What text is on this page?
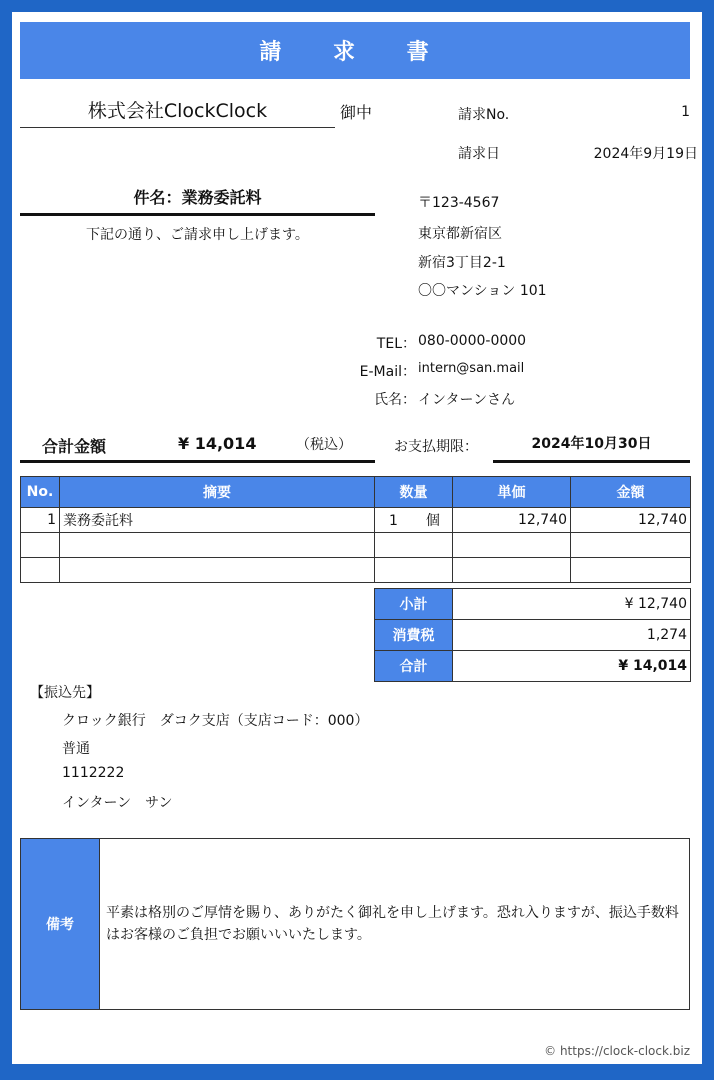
請 求 書
株式会社ClockClock	御中	請求No.	1
請求日	2024年9月19日
件名：業務委託料
下記の通り、ご請求申し上げます。
〒123-4567
東京都新宿区
新宿3丁目2-1
〇〇マンション 101
TEL： 080-0000-0000
E-Mail： intern@san.mail
氏名： インターンさん
合計金額	¥ 14,014	（税込）	お支払期限：	2024年10月30日
No.	摘要	数量	単価	金額
1	業務委託料	1　　個	12,740	12,740

小計	¥ 12,740
消費税	1,274
合計	¥ 14,014
【振込先】
クロック銀行　ダコク支店（支店コード：000）
普通
1112222
インターン　サン
備考
平素は格別のご厚情を賜り、ありがたく御礼を申し上げます。恐れ入りますが、振込手数料はお客様のご負担でお願いいいたします。
© https://clock-clock.biz
